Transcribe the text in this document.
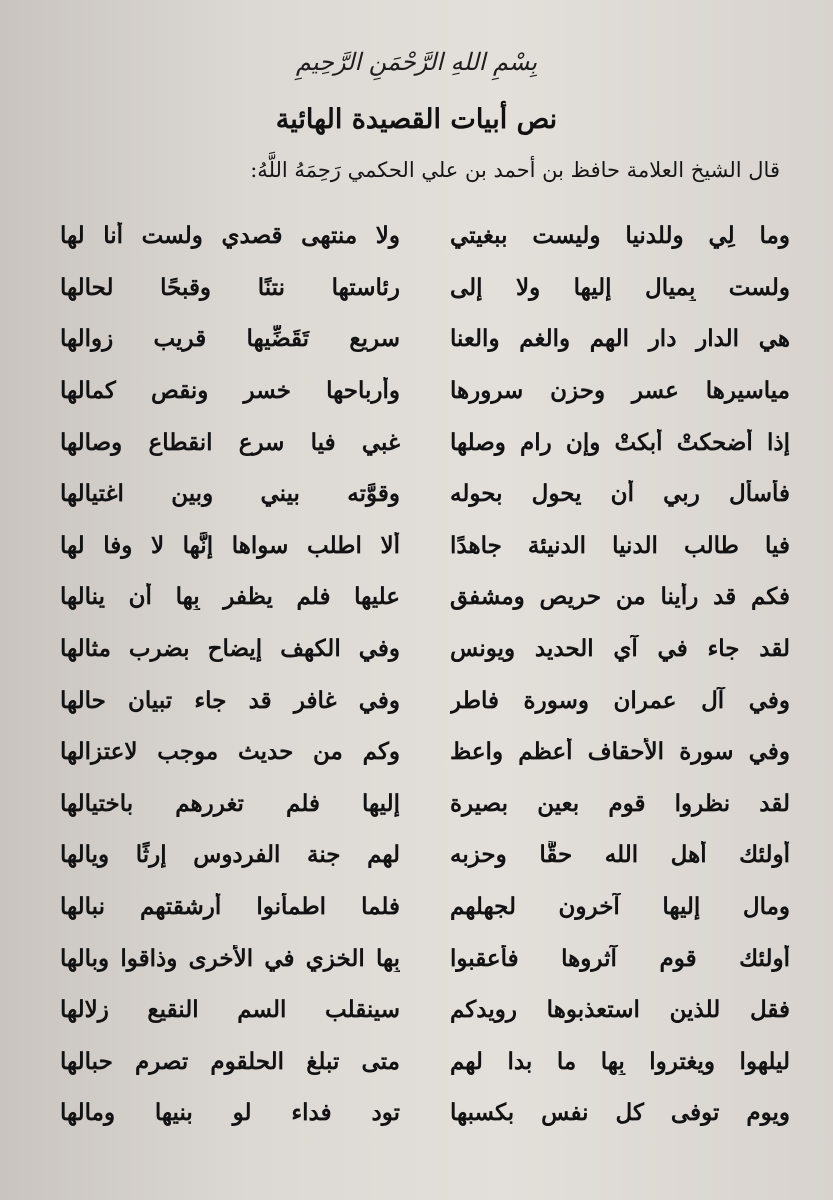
بِسْمِ اللهِ الرَّحْمَنِ الرَّحِيمِ
نص أبيات القصيدة الهائية
قال الشيخ العلامة حافظ بن أحمد بن علي الحكمي رَحِمَهُ اللَّهُ:
وما لِي وللدنيا وليست ببغيتي
ولا منتهى قصدي ولست أنا لها
ولست بِميال إليها ولا إلى
رئاستها نتنًا وقبحًا لحالها
هي الدار دار الهم والغم والعنا
سريع تَقَضِّيها قريب زوالها
مياسيرها عسر وحزن سرورها
وأرباحها خسر ونقص كمالها
إذا أضحكتْ أبكتْ وإن رام وصلها
غبي فيا سرع انقطاع وصالها
فأسأل ربي أن يحول بحوله
وقوَّته بيني وبين اغتيالها
فيا طالب الدنيا الدنيئة جاهدًا
ألا اطلب سواها إنَّها لا وفا لها
فكم قد رأينا من حريص ومشفق
عليها فلم يظفر بِها أن ينالها
لقد جاء في آي الحديد ويونس
وفي الكهف إيضاح بضرب مثالها
وفي آل عمران وسورة فاطر
وفي غافر قد جاء تبيان حالها
وفي سورة الأحقاف أعظم واعظ
وكم من حديث موجب لاعتزالها
لقد نظروا قوم بعين بصيرة
إليها فلم تغررهم باختيالها
أولئك أهل الله حقًّا وحزبه
لهم جنة الفردوس إرثًا ويالها
ومال إليها آخرون لجهلهم
فلما اطمأنوا أرشقتهم نبالها
أولئك قوم آثروها فأعقبوا
بِها الخزي في الأخرى وذاقوا وبالها
فقل للذين استعذبوها رويدكم
سينقلب السم النقيع زلالها
ليلهوا ويغتروا بِها ما بدا لهم
متى تبلغ الحلقوم تصرم حبالها
ويوم توفى كل نفس بكسبها
تود فداء لو بنيها ومالها
